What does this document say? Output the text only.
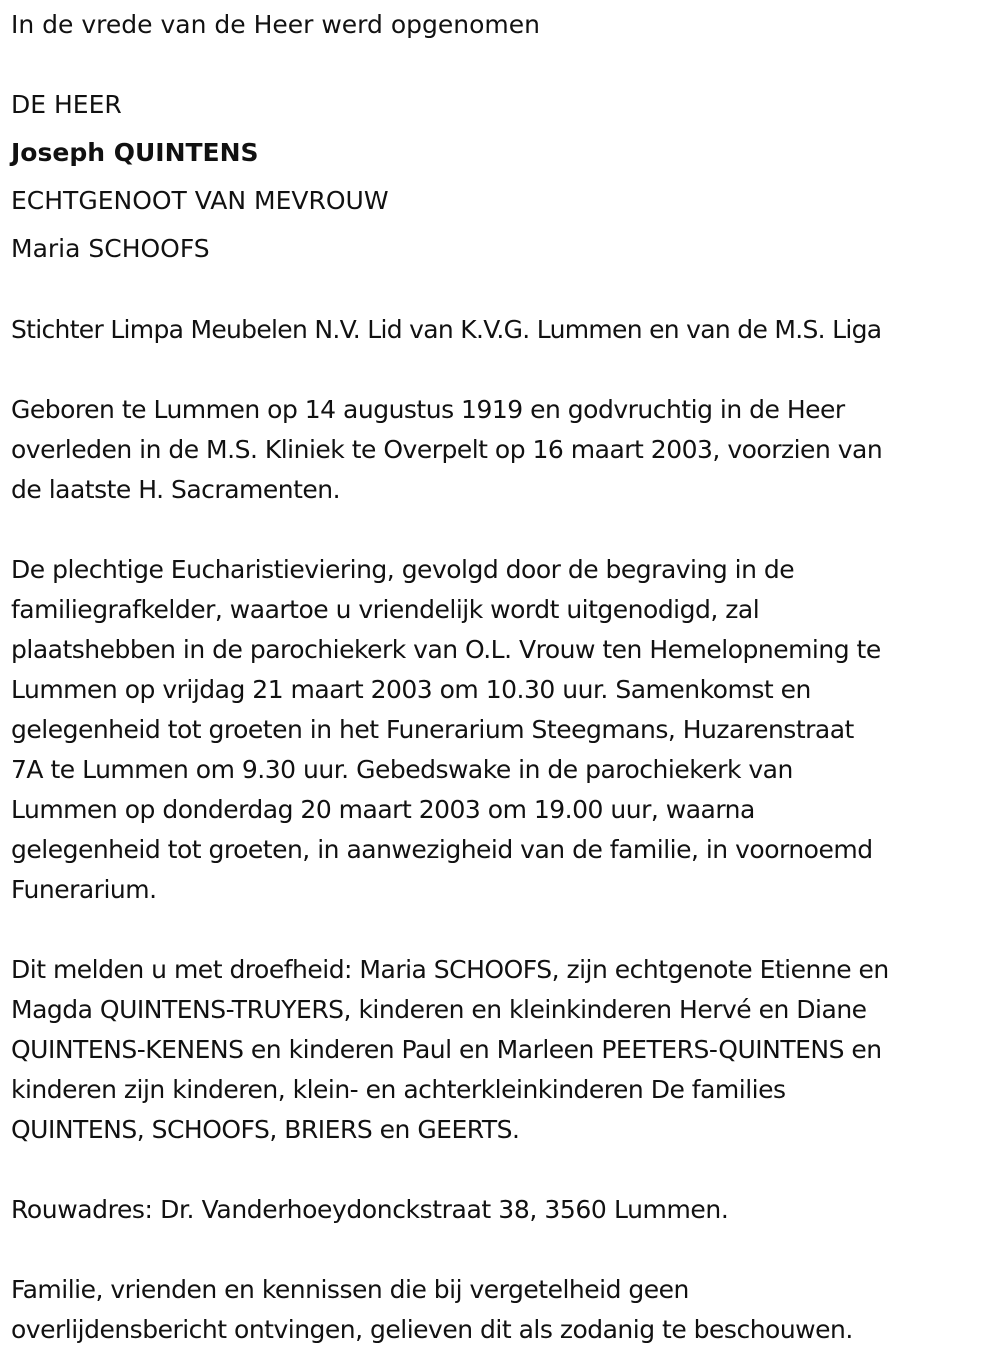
In de vrede van de Heer werd opgenomen
DE HEER
Joseph QUINTENS
ECHTGENOOT VAN MEVROUW
Maria SCHOOFS
Stichter Limpa Meubelen N.V. Lid van K.V.G. Lummen en van de M.S. Liga
Geboren te Lummen op 14 augustus 1919 en godvruchtig in de Heer
overleden in de M.S. Kliniek te Overpelt op 16 maart 2003, voorzien van
de laatste H. Sacramenten.
De plechtige Eucharistieviering, gevolgd door de begraving in de
familiegrafkelder, waartoe u vriendelijk wordt uitgenodigd, zal
plaatshebben in de parochiekerk van O.L. Vrouw ten Hemelopneming te
Lummen op vrijdag 21 maart 2003 om 10.30 uur. Samenkomst en
gelegenheid tot groeten in het Funerarium Steegmans, Huzarenstraat
7A te Lummen om 9.30 uur. Gebedswake in de parochiekerk van
Lummen op donderdag 20 maart 2003 om 19.00 uur, waarna
gelegenheid tot groeten, in aanwezigheid van de familie, in voornoemd
Funerarium.
Dit melden u met droefheid: Maria SCHOOFS, zijn echtgenote Etienne en
Magda QUINTENS-TRUYERS, kinderen en kleinkinderen Hervé en Diane
QUINTENS-KENENS en kinderen Paul en Marleen PEETERS-QUINTENS en
kinderen zijn kinderen, klein- en achterkleinkinderen De families
QUINTENS, SCHOOFS, BRIERS en GEERTS.
Rouwadres: Dr. Vanderhoeydonckstraat 38, 3560 Lummen.
Familie, vrienden en kennissen die bij vergetelheid geen
overlijdensbericht ontvingen, gelieven dit als zodanig te beschouwen.
